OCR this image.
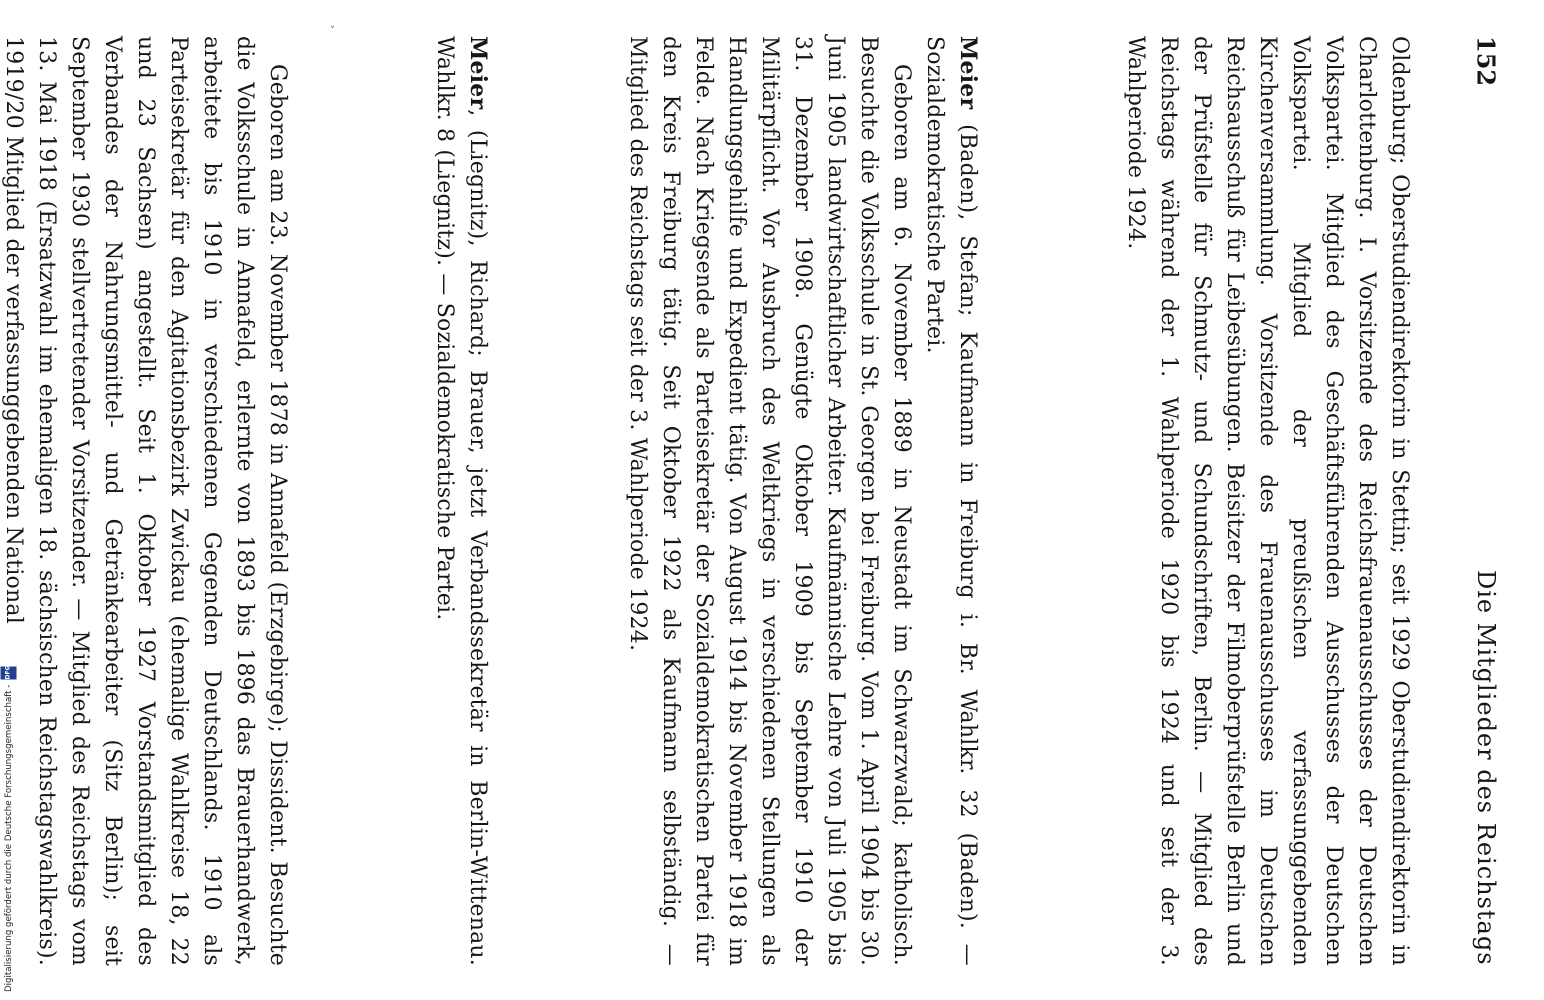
152
Die Mitglieder des Reichstags

Oldenburg; Oberstudiendirektorin in Stettin; seit 1929 Oberstudiendirektorin in Charlottenburg. I. Vorsitzende des Reichsfrauenausschusses der Deutschen Volkspartei. Mitglied des Geschäftsführenden Ausschusses der Deutschen Volkspartei. Mitglied der preußischen verfassunggebenden Kirchenversammlung. Vorsitzende des Frauenausschusses im Deutschen Reichsausschuß für Leibesübungen. Beisitzer der Filmoberprüfstelle Berlin und der Prüfstelle für Schmutz- und Schundschriften, Berlin. — Mitglied des Reichstags während der 1. Wahlperiode 1920 bis 1924 und seit der 3. Wahlperiode 1924.

Meier (Baden), Stefan; Kaufmann in Freiburg i. Br. Wahlkr. 32 (Baden). — Sozialdemokratische Partei.

Geboren am 6. November 1889 in Neustadt im Schwarzwald; katholisch. Besuchte die Volksschule in St. Georgen bei Freiburg. Vom 1. April 1904 bis 30. Juni 1905 landwirtschaftlicher Arbeiter. Kaufmännische Lehre von Juli 1905 bis 31. Dezember 1908. Genügte Oktober 1909 bis September 1910 der Militärpflicht. Vor Ausbruch des Weltkriegs in verschiedenen Stellungen als Handlungsgehilfe und Expedient tätig. Von August 1914 bis November 1918 im Felde. Nach Kriegsende als Parteisekretär der Sozialdemokratischen Partei für den Kreis Freiburg tätig. Seit Oktober 1922 als Kaufmann selbständig. — Mitglied des Reichstags seit der 3. Wahlperiode 1924.

Meier, (Liegnitz), Richard; Brauer, jetzt Verbandssekretär in Berlin-Wittenau. Wahlkr. 8 (Liegnitz). — Sozialdemokratische Partei.

Geboren am 23. November 1878 in Annafeld (Erzgebirge); Dissident. Besuchte die Volksschule in Annafeld, erlernte von 1893 bis 1896 das Brauerhandwerk, arbeitete bis 1910 in verschiedenen Gegenden Deutschlands. 1910 als Parteisekretär für den Agitationsbezirk Zwickau (ehemalige Wahlkreise 18, 22 und 23 Sachsen) angestellt. Seit 1. Oktober 1927 Vorstandsmitglied des Verbandes der Nahrungsmittel- und Getränkearbeiter (Sitz Berlin); seit September 1930 stellvertretender Vorsitzender. — Mitglied des Reichstags vom 13. Mai 1918 (Ersatzwahl im ehemaligen 18. sächsischen Reichstagswahlkreis). 1919/20 Mitglied der verfassunggebenden National

˅
Digitalisierung gefördert durch die Deutsche Forschungsgemeinschaft -
DFG
